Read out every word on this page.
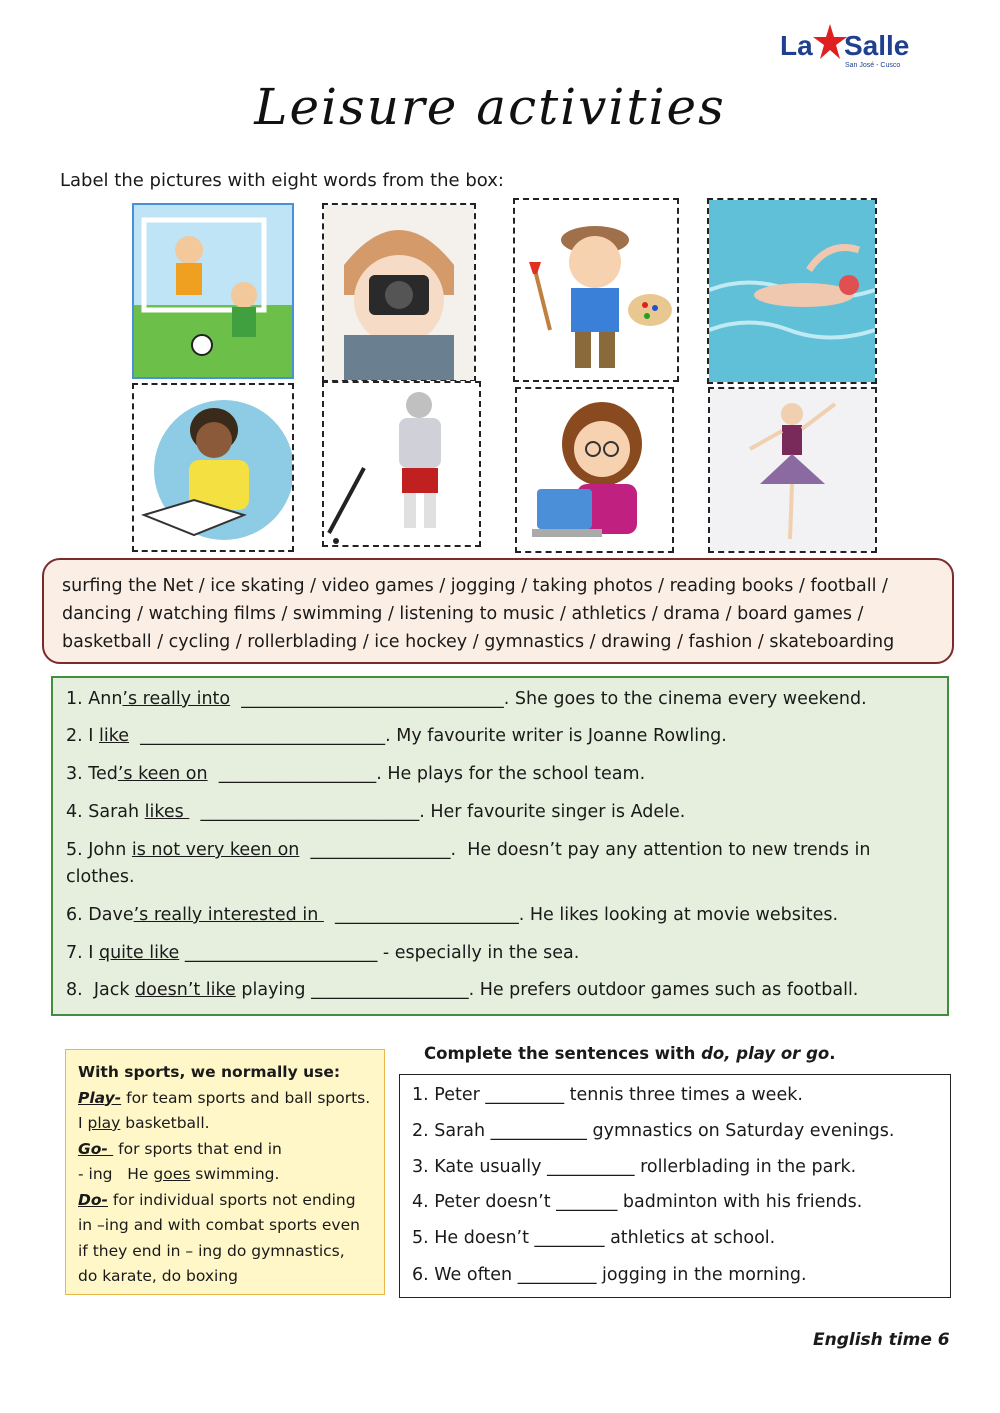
La Salle
San José - Cusco
Leisure activities
Label the pictures with eight words from the box:
surfing the Net / ice skating / video games / jogging / taking photos / reading books / football /
dancing / watching films / swimming / listening to music / athletics / drama / board games /
basketball / cycling / rollerblading / ice hockey / gymnastics / drawing / fashion / skateboarding
1. Ann’s really into ______________________________. She goes to the cinema every weekend.
2. I like ____________________________. My favourite writer is Joanne Rowling.
3. Ted’s keen on __________________. He plays for the school team.
4. Sarah likes   _________________________. Her favourite singer is Adele.
5. John is not very keen on ________________.  He doesn’t pay any attention to new trends in
clothes.
6. Dave’s really interested in   _____________________. He likes looking at movie websites.
7. I quite like ______________________ - especially in the sea.
8.  Jack doesn’t like playing __________________. He prefers outdoor games such as football.
With sports, we normally use:
Play- for team sports and ball sports.
I play basketball.
Go-  for sports that end in
- ing   He goes swimming.
Do- for individual sports not ending
in –ing and with combat sports even
if they end in – ing do gymnastics,
do karate, do boxing
Complete the sentences with do, play or go.
1. Peter _________ tennis three times a week.
2. Sarah ___________ gymnastics on Saturday evenings.
3. Kate usually __________ rollerblading in the park.
4. Peter doesn’t _______ badminton with his friends.
5. He doesn’t ________ athletics at school.
6. We often _________ jogging in the morning.
English time 6
